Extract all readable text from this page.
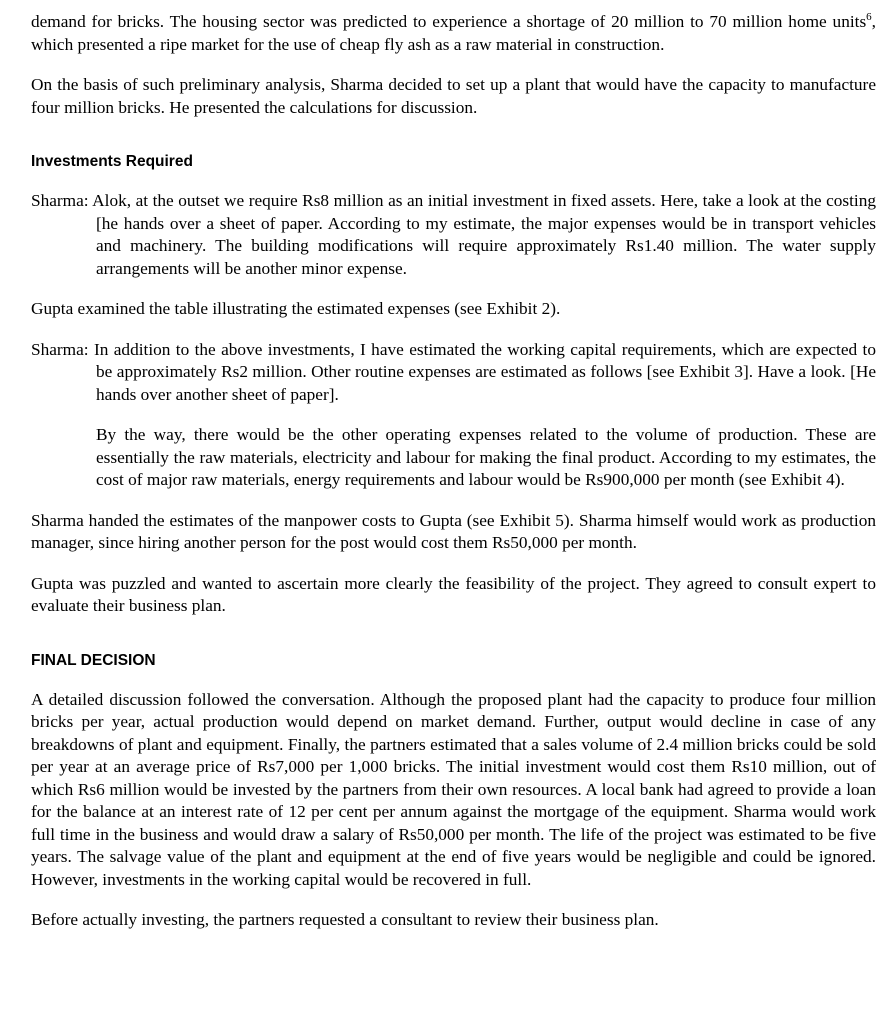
demand for bricks. The housing sector was predicted to experience a shortage of 20 million to 70 million home units$^6$, which presented a ripe market for the use of cheap fly ash as a raw material in construction.

On the basis of such preliminary analysis, Sharma decided to set up a plant that would have the capacity to manufacture four million bricks. He presented the calculations for discussion.

Investments Required

Sharma: Alok, at the outset we require Rs8 million as an initial investment in fixed assets. Here, take a look at the costing [he hands over a sheet of paper. According to my estimate, the major expenses would be in transport vehicles and machinery. The building modifications will require approximately Rs1.40 million. The water supply arrangements will be another minor expense.

Gupta examined the table illustrating the estimated expenses (see Exhibit 2).

Sharma: In addition to the above investments, I have estimated the working capital requirements, which are expected to be approximately Rs2 million. Other routine expenses are estimated as follows [see Exhibit 3]. Have a look. [He hands over another sheet of paper].

By the way, there would be the other operating expenses related to the volume of production. These are essentially the raw materials, electricity and labour for making the final product. According to my estimates, the cost of major raw materials, energy requirements and labour would be Rs900,000 per month (see Exhibit 4).

Sharma handed the estimates of the manpower costs to Gupta (see Exhibit 5). Sharma himself would work as production manager, since hiring another person for the post would cost them Rs50,000 per month.

Gupta was puzzled and wanted to ascertain more clearly the feasibility of the project. They agreed to consult expert to evaluate their business plan.

FINAL DECISION

A detailed discussion followed the conversation. Although the proposed plant had the capacity to produce four million bricks per year, actual production would depend on market demand. Further, output would decline in case of any breakdowns of plant and equipment. Finally, the partners estimated that a sales volume of 2.4 million bricks could be sold per year at an average price of Rs7,000 per 1,000 bricks. The initial investment would cost them Rs10 million, out of which Rs6 million would be invested by the partners from their own resources. A local bank had agreed to provide a loan for the balance at an interest rate of 12 per cent per annum against the mortgage of the equipment. Sharma would work full time in the business and would draw a salary of Rs50,000 per month. The life of the project was estimated to be five years. The salvage value of the plant and equipment at the end of five years would be negligible and could be ignored. However, investments in the working capital would be recovered in full.

Before actually investing, the partners requested a consultant to review their business plan.
